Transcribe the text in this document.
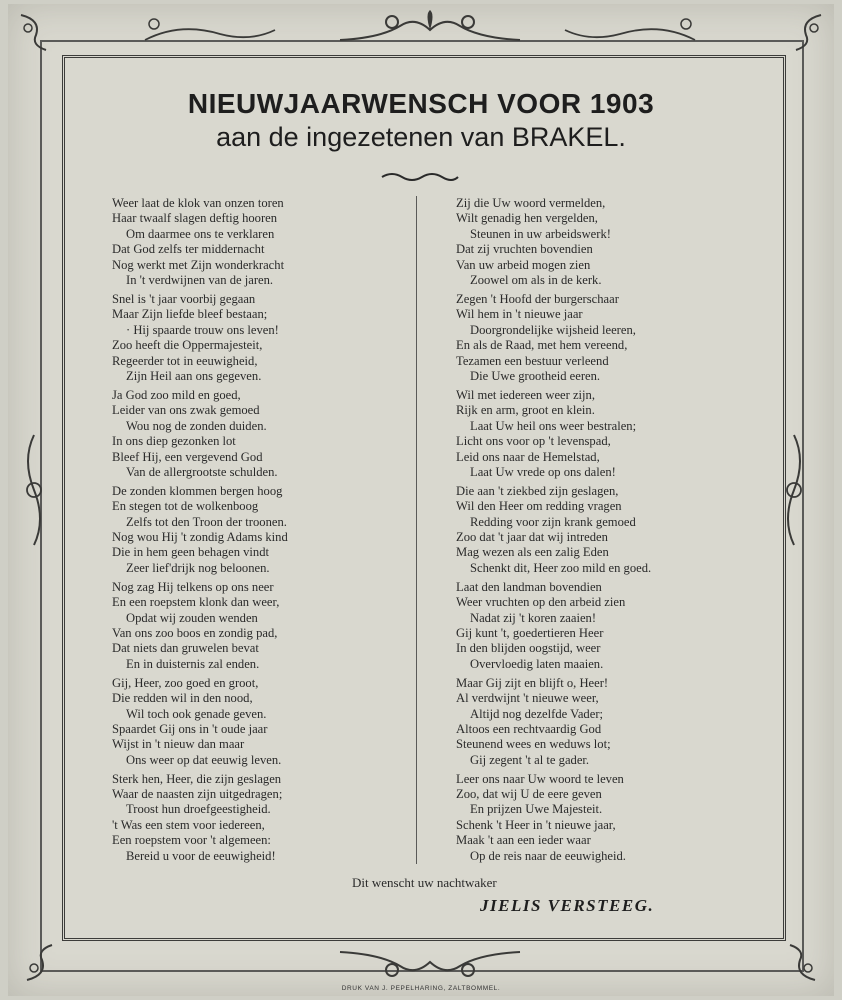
NIEUWJAARWENSCH VOOR 1903
aan de ingezetenen van BRAKEL.
Weer laat de klok van onzen toren
Haar twaalf slagen deftig hooren
Om daarmee ons te verklaren
Dat God zelfs ter middernacht
Nog werkt met Zijn wonderkracht
In 't verdwijnen van de jaren.
Snel is 't jaar voorbij gegaan
Maar Zijn liefde bleef bestaan;
· Hij spaarde trouw ons leven!
Zoo heeft die Oppermajesteit,
Regeerder tot in eeuwigheid,
Zijn Heil aan ons gegeven.
Ja God zoo mild en goed,
Leider van ons zwak gemoed
Wou nog de zonden duiden.
In ons diep gezonken lot
Bleef Hij, een vergevend God
Van de allergrootste schulden.
De zonden klommen bergen hoog
En stegen tot de wolkenboog
Zelfs tot den Troon der troonen.
Nog wou Hij 't zondig Adams kind
Die in hem geen behagen vindt
Zeer lief'drijk nog beloonen.
Nog zag Hij telkens op ons neer
En een roepstem klonk dan weer,
Opdat wij zouden wenden
Van ons zoo boos en zondig pad,
Dat niets dan gruwelen bevat
En in duisternis zal enden.
Gij, Heer, zoo goed en groot,
Die redden wil in den nood,
Wil toch ook genade geven.
Spaardet Gij ons in 't oude jaar
Wijst in 't nieuw dan maar
Ons weer op dat eeuwig leven.
Sterk hen, Heer, die zijn geslagen
Waar de naasten zijn uitgedragen;
Troost hun droefgeestigheid.
't Was een stem voor iedereen,
Een roepstem voor 't algemeen:
Bereid u voor de eeuwigheid!
Zij die Uw woord vermelden,
Wilt genadig hen vergelden,
Steunen in uw arbeidswerk!
Dat zij vruchten bovendien
Van uw arbeid mogen zien
Zoowel om als in de kerk.
Zegen 't Hoofd der burgerschaar
Wil hem in 't nieuwe jaar
Doorgrondelijke wijsheid leeren,
En als de Raad, met hem vereend,
Tezamen een bestuur verleend
Die Uwe grootheid eeren.
Wil met iedereen weer zijn,
Rijk en arm, groot en klein.
Laat Uw heil ons weer bestralen;
Licht ons voor op 't levenspad,
Leid ons naar de Hemelstad,
Laat Uw vrede op ons dalen!
Die aan 't ziekbed zijn geslagen,
Wil den Heer om redding vragen
Redding voor zijn krank gemoed
Zoo dat 't jaar dat wij intreden
Mag wezen als een zalig Eden
Schenkt dit, Heer zoo mild en goed.
Laat den landman bovendien
Weer vruchten op den arbeid zien
Nadat zij 't koren zaaien!
Gij kunt 't, goedertieren Heer
In den blijden oogstijd, weer
Overvloedig laten maaien.
Maar Gij zijt en blijft o, Heer!
Al verdwijnt 't nieuwe weer,
Altijd nog dezelfde Vader;
Altoos een rechtvaardig God
Steunend wees en weduws lot;
Gij zegent 't al te gader.
Leer ons naar Uw woord te leven
Zoo, dat wij U de eere geven
En prijzen Uwe Majesteit.
Schenk 't Heer in 't nieuwe jaar,
Maak 't aan een ieder waar
Op de reis naar de eeuwigheid.
Dit wenscht uw nachtwaker
JIELIS VERSTEEG.
DRUK VAN J. PEPELHARING, ZALTBOMMEL.
